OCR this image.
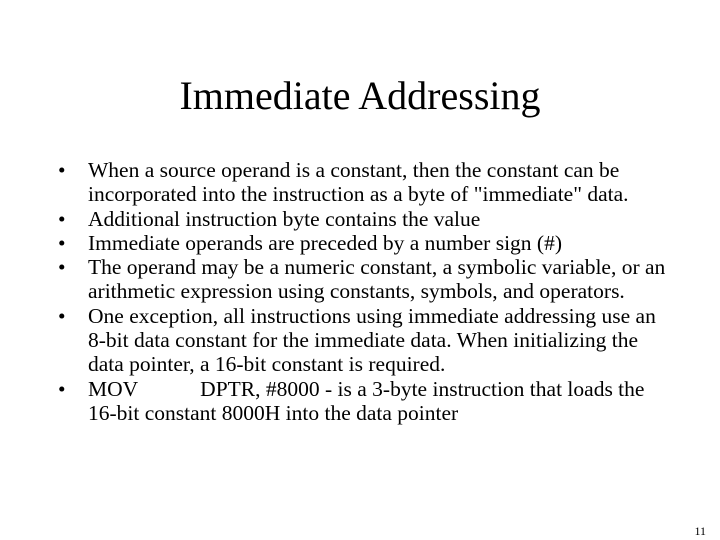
Immediate Addressing
•	When a source operand is a constant, then the constant can be incorporated into the instruction as a byte of "immediate" data.
•	Additional instruction byte contains the value
•	Immediate operands are preceded by a number sign (#)
•	The operand may be a numeric constant, a symbolic variable, or an arithmetic expression using constants, symbols, and operators.
•	One exception, all instructions using immediate addressing use an 8-bit data constant for the immediate data. When initializing the data pointer, a 16-bit constant is required.
•	MOV	DPTR, #8000 - is a 3-byte instruction that loads the 16-bit constant 8000H into the data pointer
11
